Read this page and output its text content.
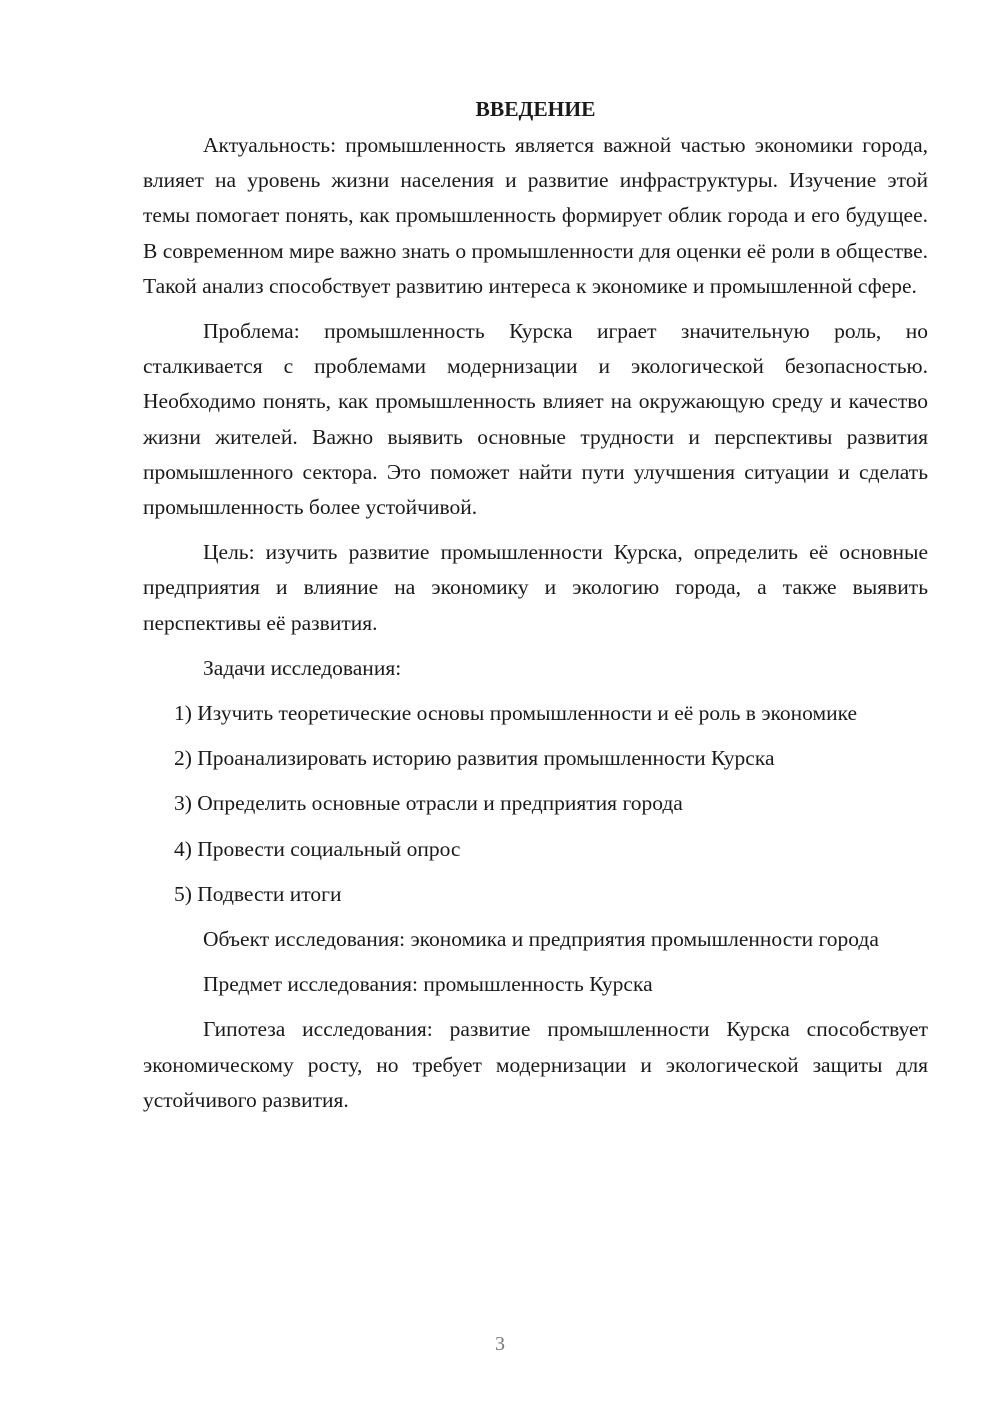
ВВЕДЕНИЕ

Актуальность: промышленность является важной частью экономики города, влияет на уровень жизни населения и развитие инфраструктуры. Изучение этой темы помогает понять, как промышленность формирует облик города и его будущее. В современном мире важно знать о промышленности для оценки её роли в обществе. Такой анализ способствует развитию интереса к экономике и промышленной сфере.

Проблема: промышленность Курска играет значительную роль, но сталкивается с проблемами модернизации и экологической безопасностью. Необходимо понять, как промышленность влияет на окружающую среду и качество жизни жителей. Важно выявить основные трудности и перспективы развития промышленного сектора. Это поможет найти пути улучшения ситуации и сделать промышленность более устойчивой.

Цель: изучить развитие промышленности Курска, определить её основные предприятия и влияние на экономику и экологию города, а также выявить перспективы её развития.

Задачи исследования:

1) Изучить теоретические основы промышленности и её роль в экономике

2) Проанализировать историю развития промышленности Курска

3) Определить основные отрасли и предприятия города

4) Провести социальный опрос

5) Подвести итоги

Объект исследования: экономика и предприятия промышленности города

Предмет исследования: промышленность Курска

Гипотеза исследования: развитие промышленности Курска способствует экономическому росту, но требует модернизации и экологической защиты для устойчивого развития.

3
